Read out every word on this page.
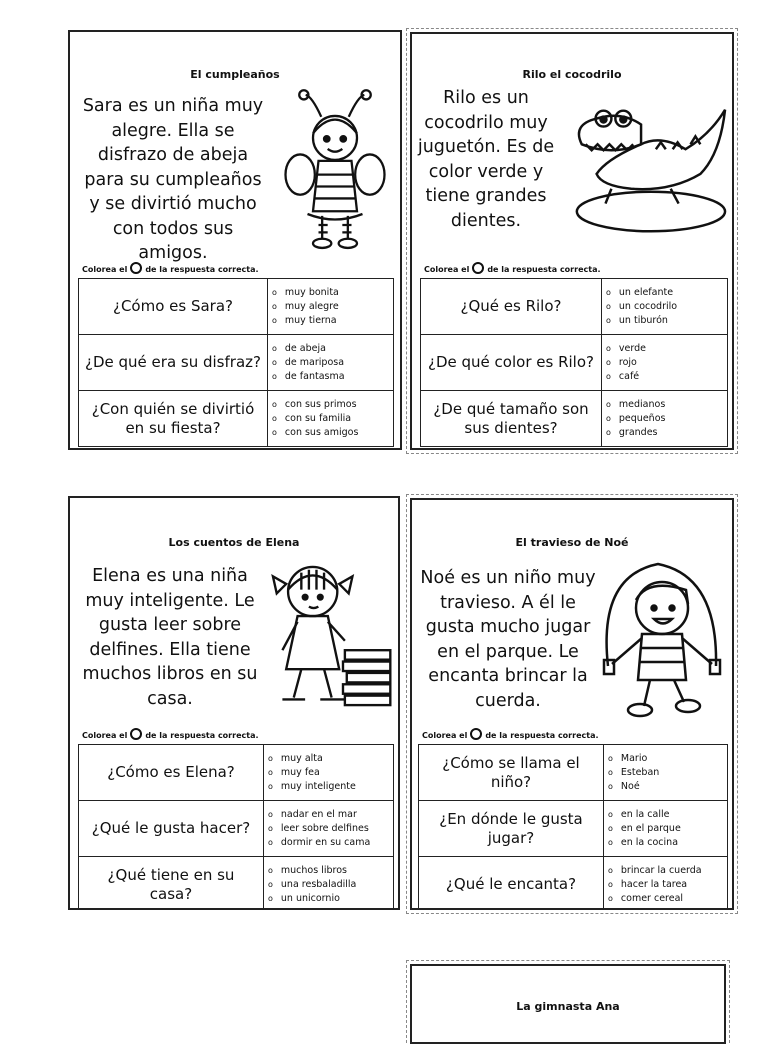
El cumpleaños
Sara es un niña muy alegre. Ella se disfrazo de abeja para su cumpleaños y se divirtió mucho con todos sus amigos.
Colorea el de la respuesta correcta.
¿Cómo es Sara?	o muy bonita
o muy alegre
o muy tierna

¿De qué era su disfraz?	o de abeja
o de mariposa
o de fantasma

¿Con quién se divirtió en su fiesta?	o con sus primos
o con su familia
o con sus amigos
Rilo el cocodrilo
Rilo es un cocodrilo muy juguetón. Es de color verde y tiene grandes dientes.
Colorea el de la respuesta correcta.
¿Qué es Rilo?	o un elefante
o un cocodrilo
o un tiburón

¿De qué color es Rilo?	o verde
o rojo
o café

¿De qué tamaño son sus dientes?	o medianos
o pequeños
o grandes
Los cuentos de Elena
Elena es una niña muy inteligente. Le gusta leer sobre delfines. Ella tiene muchos libros en su casa.
Colorea el de la respuesta correcta.
¿Cómo es Elena?	o muy alta
o muy fea
o muy inteligente

¿Qué le gusta hacer?	o nadar en el mar
o leer sobre delfines
o dormir en su cama

¿Qué tiene en su casa?	o muchos libros
o una resbaladilla
o un unicornio
El travieso de Noé
Noé es un niño muy travieso. A él le gusta mucho jugar en el parque. Le encanta brincar la cuerda.
Colorea el de la respuesta correcta.
¿Cómo se llama el niño?	o Mario
o Esteban
o Noé

¿En dónde le gusta jugar?	o en la calle
o en el parque
o en la cocina

¿Qué le encanta?	o brincar la cuerda
o hacer la tarea
o comer cereal
La gimnasta Ana
